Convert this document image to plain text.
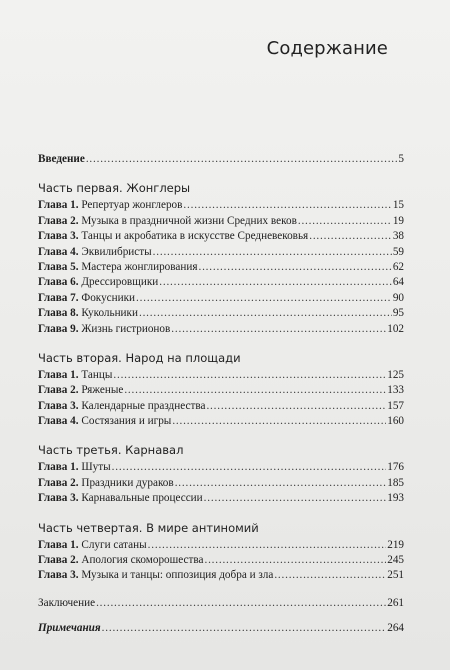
Содержание
Введение . . .	5
Часть первая. Жонглеры
Глава 1. Репертуар жонглеров . . .	15
Глава 2. Музыка в праздничной жизни Средних веков . . .	19
Глава 3. Танцы и акробатика в искусстве Средневековья . . .	38
Глава 4. Эквилибристы . . .	59
Глава 5. Мастера жонглирования . . .	62
Глава 6. Дрессировщики . . .	64
Глава 7. Фокусники . . .	90
Глава 8. Кукольники . . .	95
Глава 9. Жизнь гистрионов . . .	102
Часть вторая. Народ на площади
Глава 1. Танцы . . .	125
Глава 2. Ряженые . . .	133
Глава 3. Календарные празднества . . .	157
Глава 4. Состязания и игры . . .	160
Часть третья. Карнавал
Глава 1. Шуты . . .	176
Глава 2. Праздники дураков . . .	185
Глава 3. Карнавальные процессии . . .	193
Часть четвертая. В мире антиномий
Глава 1. Слуги сатаны . . .	219
Глава 2. Апология скоморошества . . .	245
Глава 3. Музыка и танцы: оппозиция добра и зла . . .	251
Заключение . . .	261
Примечания . . .	264
